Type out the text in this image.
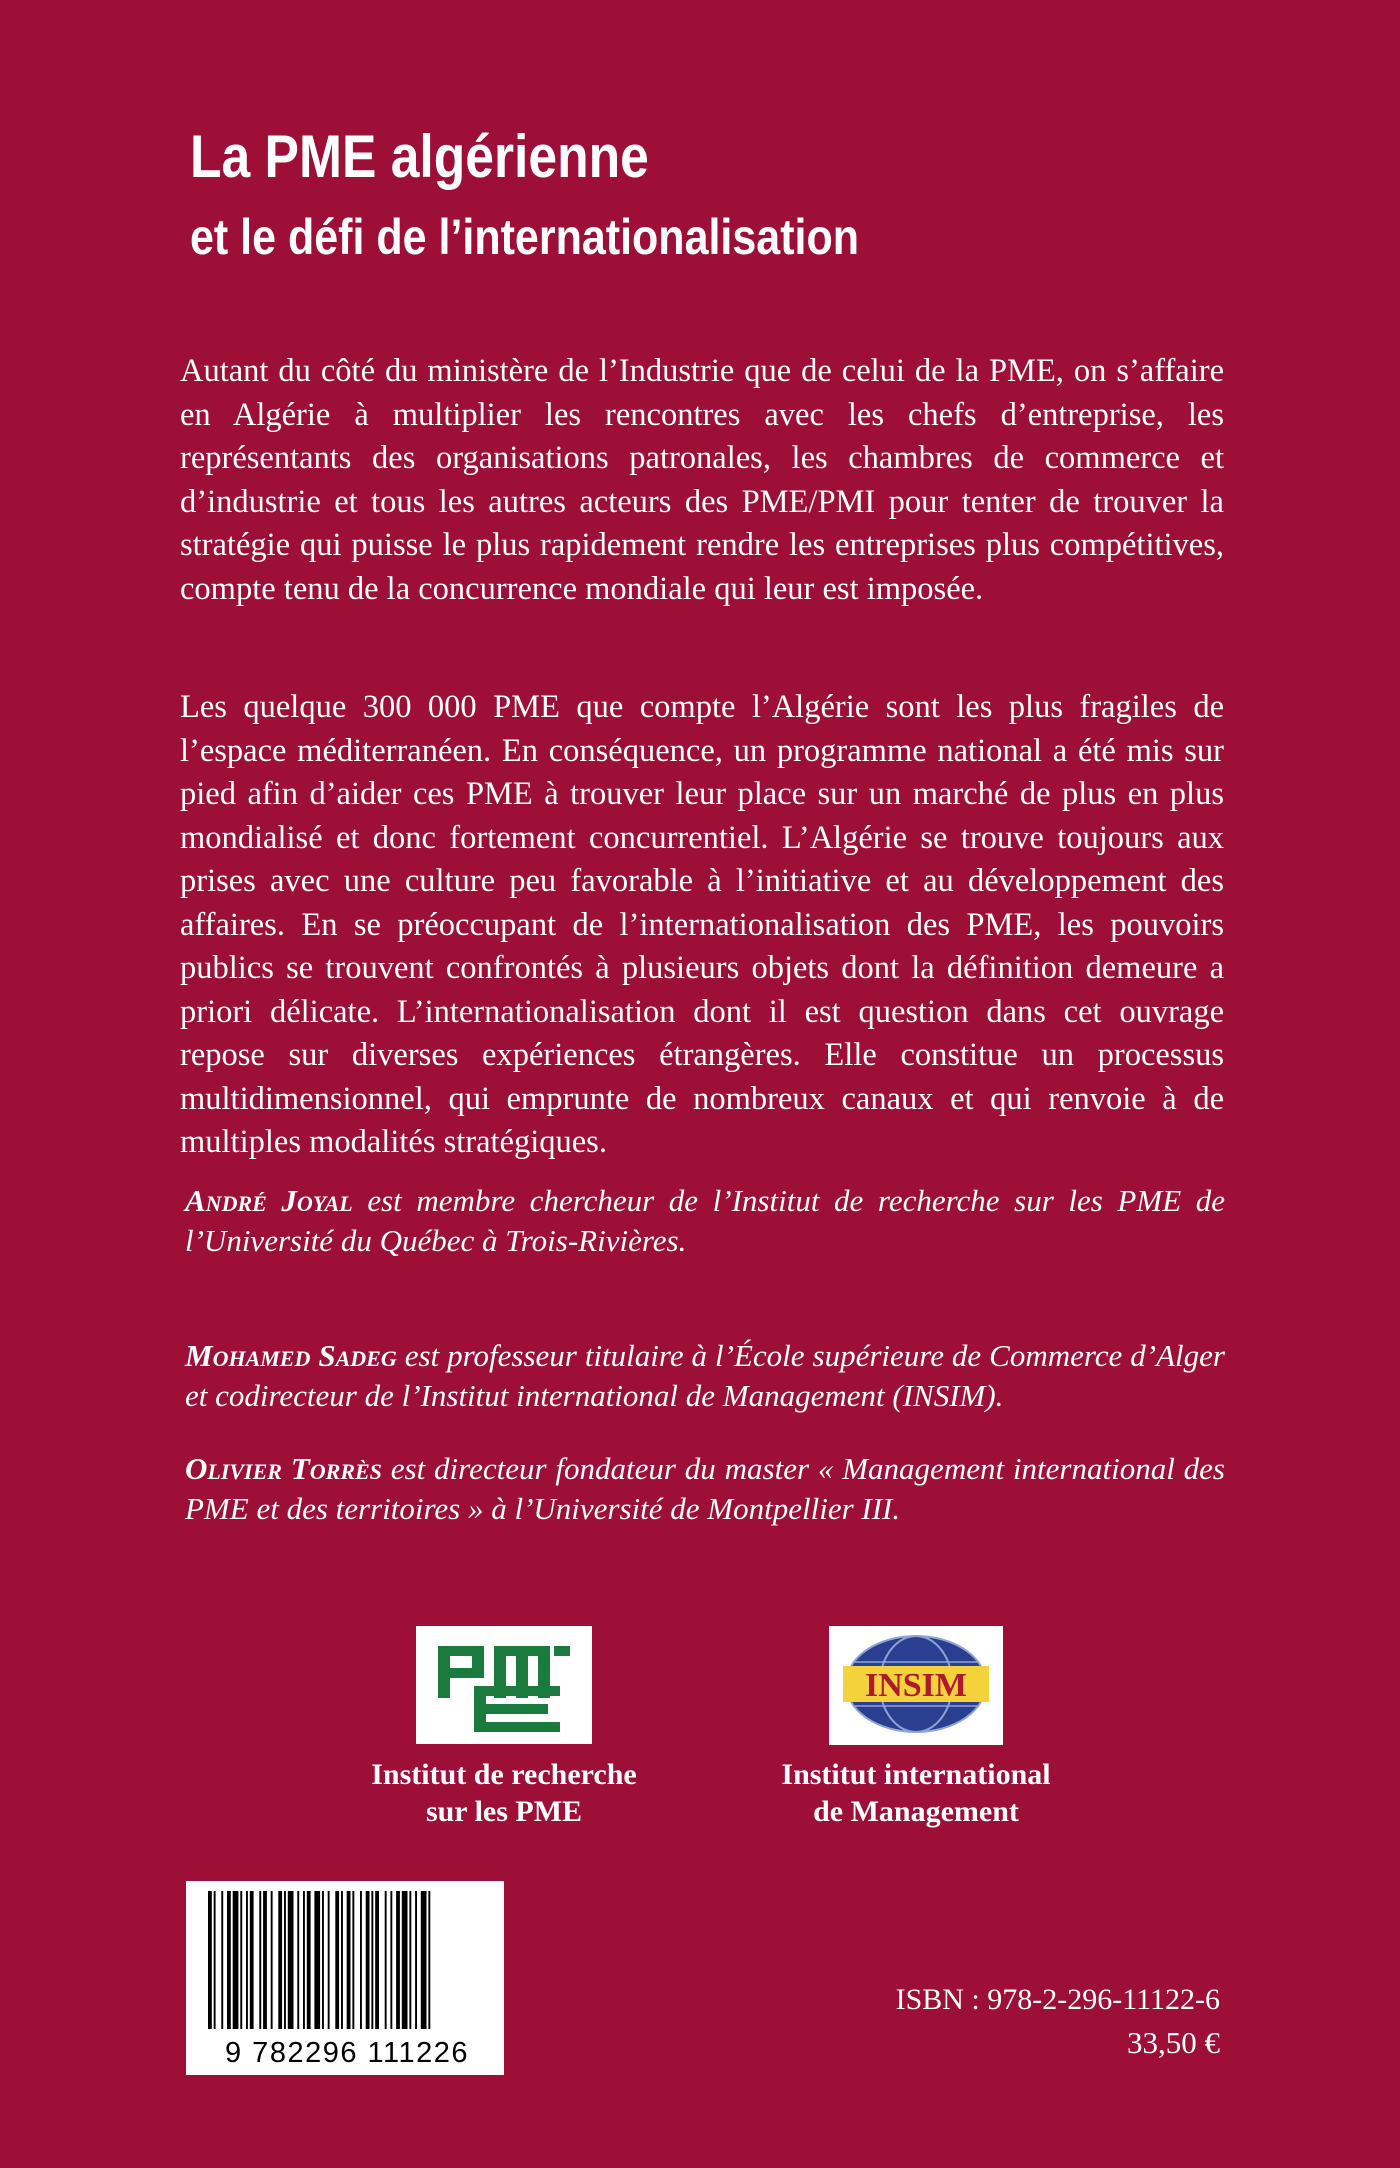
La PME algérienne
et le défi de l’internationalisation

Autant du côté du ministère de l’Industrie que de celui de la PME, on s’affaire en Algérie à multiplier les rencontres avec les chefs d’entreprise, les représentants des organisations patronales, les chambres de commerce et d’industrie et tous les autres acteurs des PME/PMI pour tenter de trouver la stratégie qui puisse le plus rapidement rendre les entreprises plus compétitives, compte tenu de la concurrence mondiale qui leur est imposée.

Les quelque 300 000 PME que compte l’Algérie sont les plus fragiles de l’espace méditerranéen. En conséquence, un programme national a été mis sur pied afin d’aider ces PME à trouver leur place sur un marché de plus en plus mondialisé et donc fortement concurrentiel. L’Algérie se trouve toujours aux prises avec une culture peu favorable à l’initiative et au développement des affaires. En se préoccupant de l’internationalisation des PME, les pouvoirs publics se trouvent confrontés à plusieurs objets dont la définition demeure a priori délicate. L’internationalisation dont il est question dans cet ouvrage repose sur diverses expériences étrangères. Elle constitue un processus multidimensionnel, qui emprunte de nombreux canaux et qui renvoie à de multiples modalités stratégiques.

André Joyal est membre chercheur de l’Institut de recherche sur les PME de l’Université du Québec à Trois-Rivières.

Mohamed Sadeg est professeur titulaire à l’École supérieure de Commerce d’Alger et codirecteur de l’Institut international de Management (INSIM).

Olivier Torrès est directeur fondateur du master « Management international des PME et des territoires » à l’Université de Montpellier III.

Institut de recherche
sur les PME
INSIM
Institut international
de Management
9 782296 111226
ISBN : 978-2-296-11122-6
33,50 €
